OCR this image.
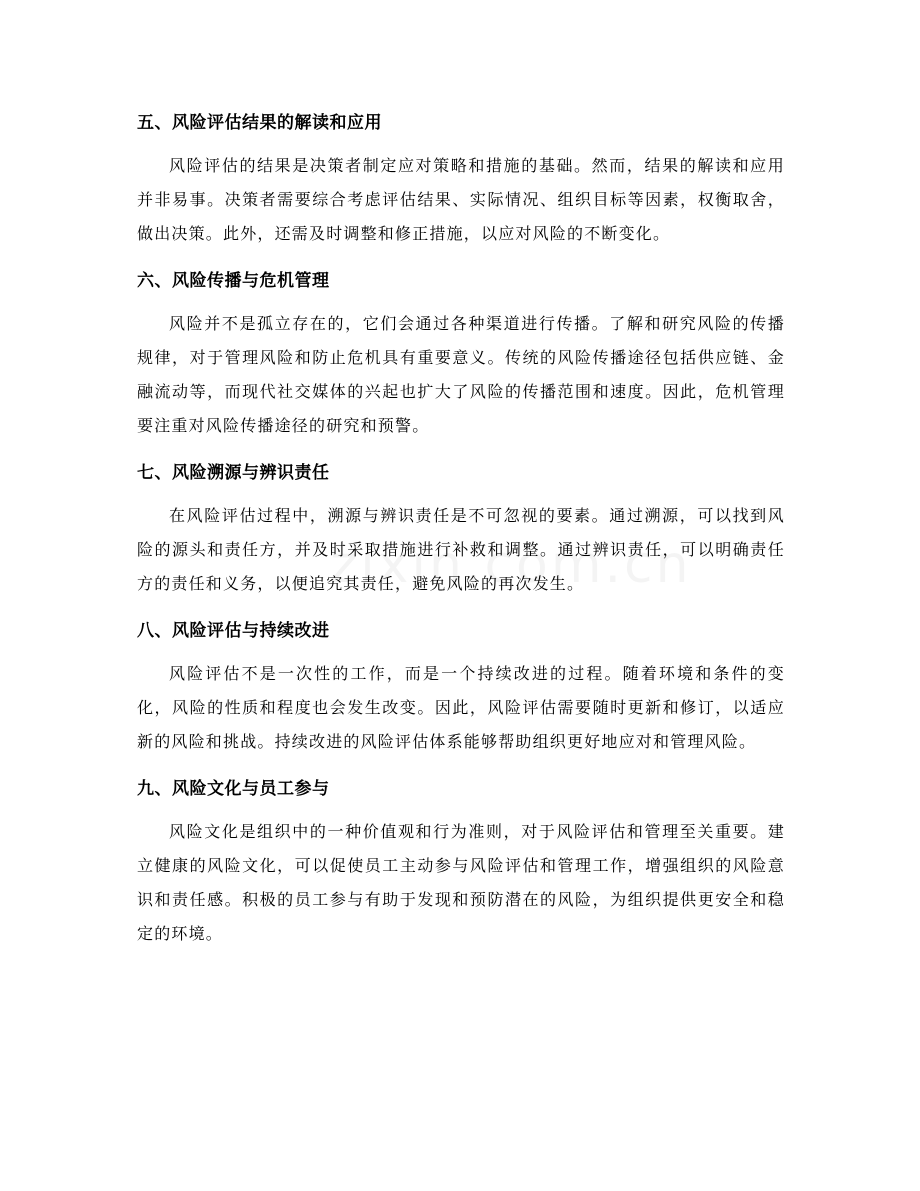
五、风险评估结果的解读和应用

风险评估的结果是决策者制定应对策略和措施的基础。然而，结果的解读和应用并非易事。决策者需要综合考虑评估结果、实际情况、组织目标等因素，权衡取舍，做出决策。此外，还需及时调整和修正措施，以应对风险的不断变化。

六、风险传播与危机管理

风险并不是孤立存在的，它们会通过各种渠道进行传播。了解和研究风险的传播规律，对于管理风险和防止危机具有重要意义。传统的风险传播途径包括供应链、金融流动等，而现代社交媒体的兴起也扩大了风险的传播范围和速度。因此，危机管理要注重对风险传播途径的研究和预警。

七、风险溯源与辨识责任

在风险评估过程中，溯源与辨识责任是不可忽视的要素。通过溯源，可以找到风险的源头和责任方，并及时采取措施进行补救和调整。通过辨识责任，可以明确责任方的责任和义务，以便追究其责任，避免风险的再次发生。

八、风险评估与持续改进

风险评估不是一次性的工作，而是一个持续改进的过程。随着环境和条件的变化，风险的性质和程度也会发生改变。因此，风险评估需要随时更新和修订，以适应新的风险和挑战。持续改进的风险评估体系能够帮助组织更好地应对和管理风险。

九、风险文化与员工参与

风险文化是组织中的一种价值观和行为准则，对于风险评估和管理至关重要。建立健康的风险文化，可以促使员工主动参与风险评估和管理工作，增强组织的风险意识和责任感。积极的员工参与有助于发现和预防潜在的风险，为组织提供更安全和稳定的环境。
